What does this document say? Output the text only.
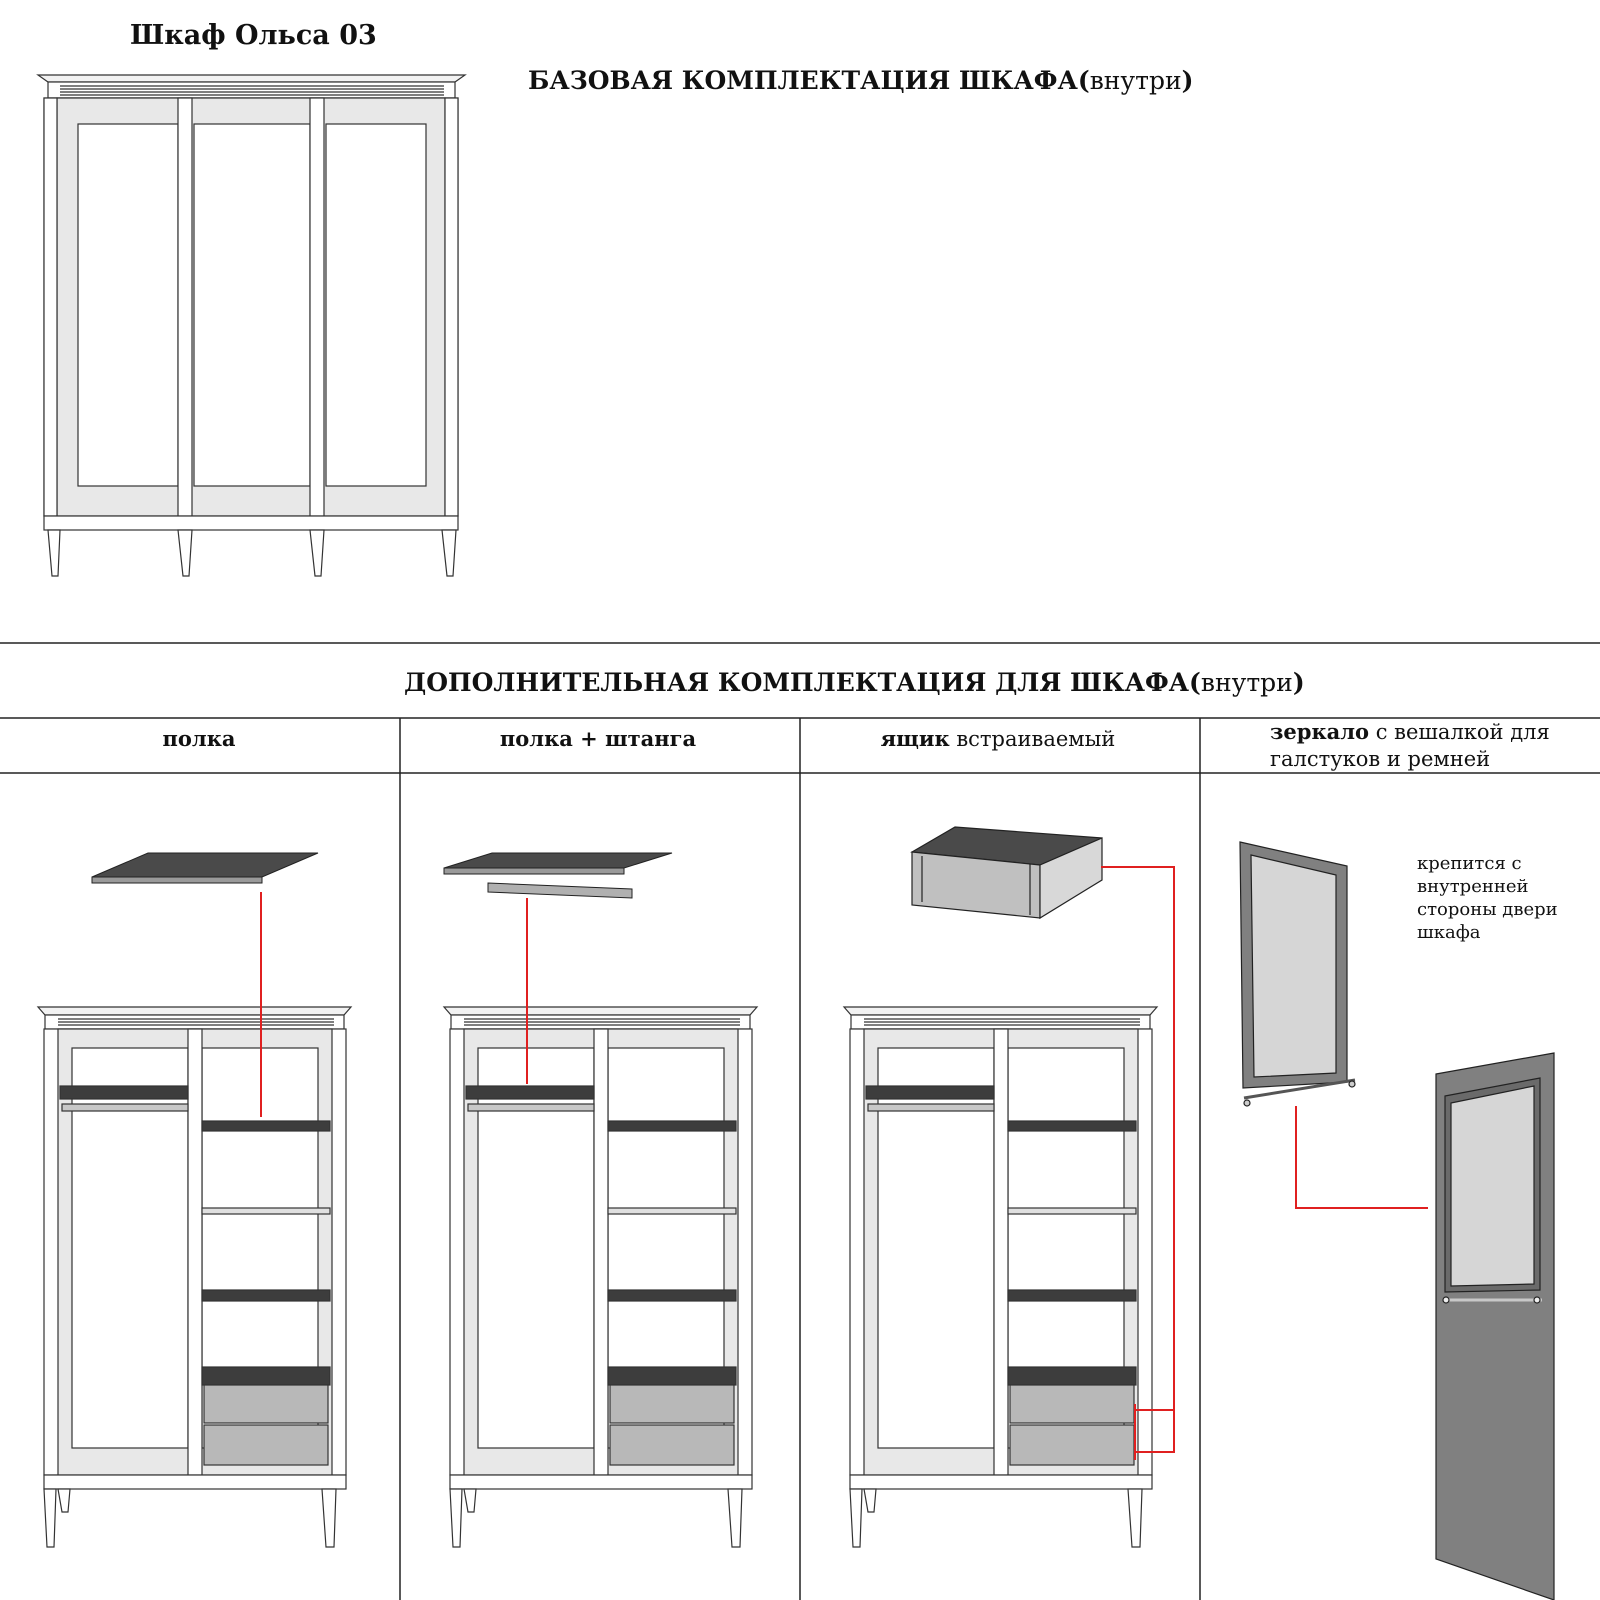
Шкаф Ольса 03
БАЗОВАЯ КОМПЛЕКТАЦИЯ ШКАФА(внутри)
ДОПОЛНИТЕЛЬНАЯ КОМПЛЕКТАЦИЯ ДЛЯ ШКАФА(внутри)
полка	полка + штанга	ящик встраиваемый	зеркало с вешалкой для
галстуков и ремней
крепится с
внутренней
стороны двери
шкафа
